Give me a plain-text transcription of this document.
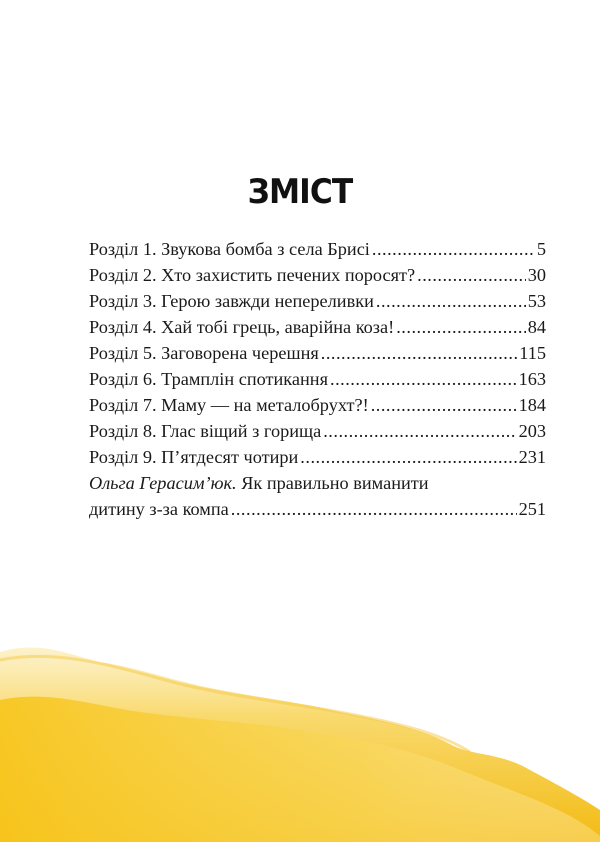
ЗМІСТ
Розділ 1. Звукова бомба з села Брисі .....	5
Розділ 2. Хто захистить печених поросят? .....	30
Розділ 3. Герою завжди непереливки .....	53
Розділ 4. Хай тобі грець, аварійна коза! .....	84
Розділ 5. Заговорена черешня .....	115
Розділ 6. Трамплін спотикання .....	163
Розділ 7. Маму — на металобрухт?! .....	184
Розділ 8. Глас віщий з горища .....	203
Розділ 9. П’ятдесят чотири .....	231
Ольга Герасим’юк. Як правильно виманити
дитину з-за компа .....	251
